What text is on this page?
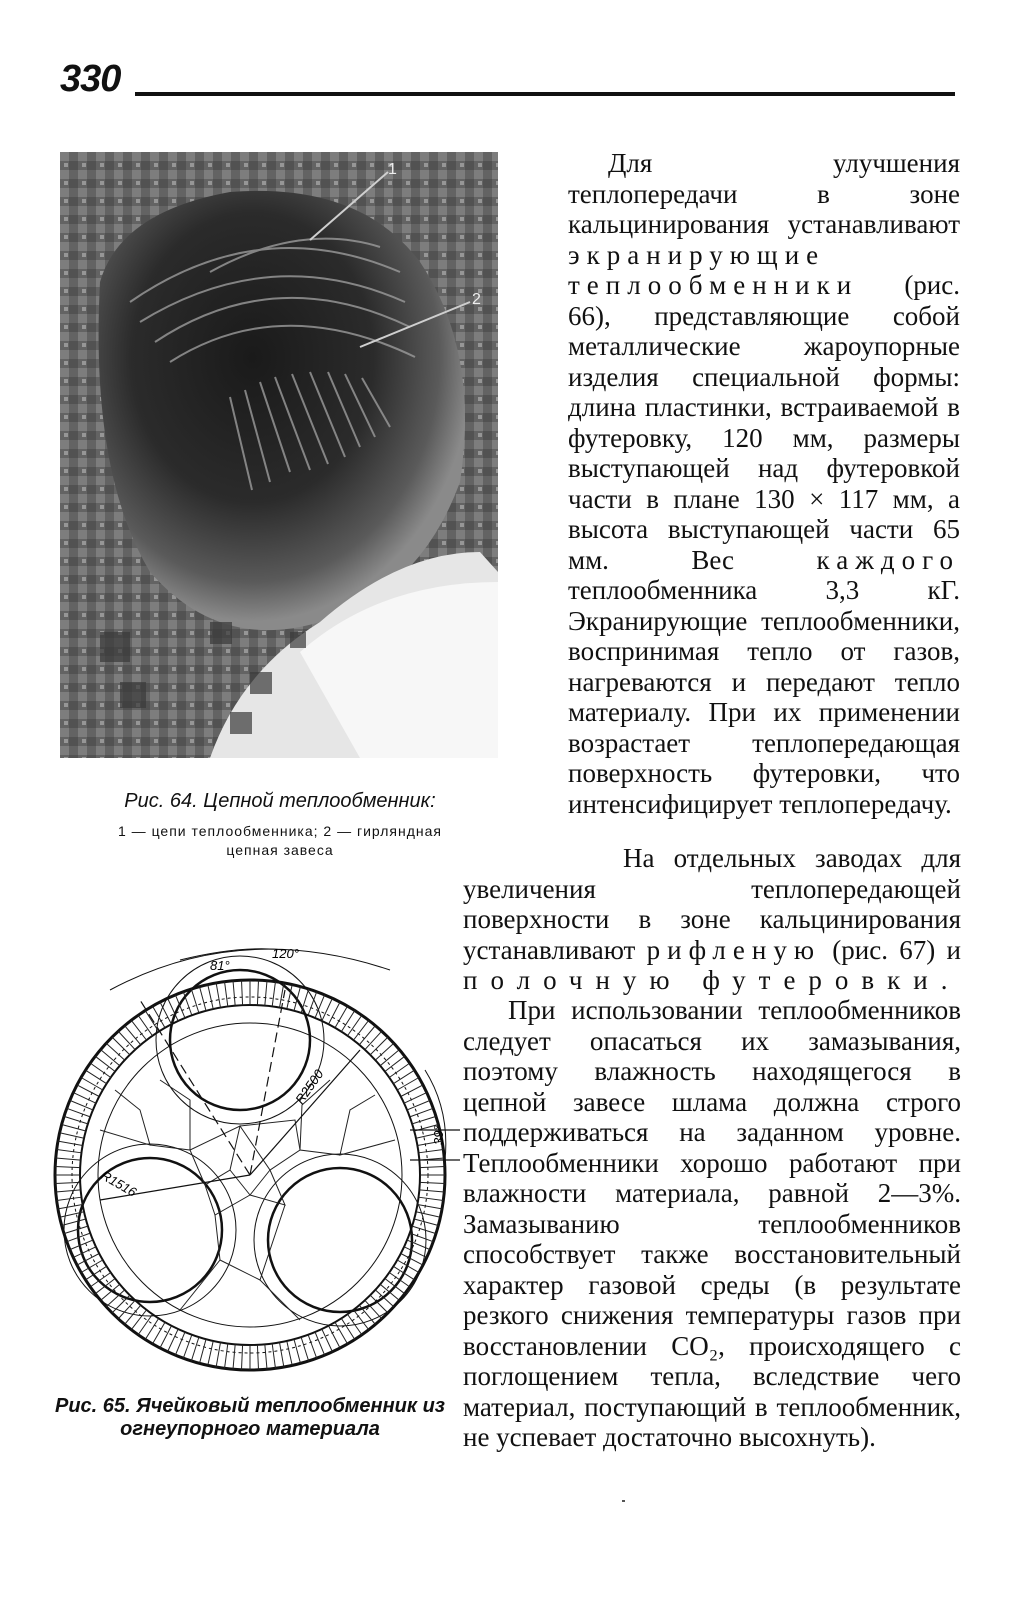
330
1
2
Рис. 64. Цепной теплообменник:
1 — цепи теплообменника; 2 — гирляндная
цепная завеса
120°
81°
39°
R2500
R1516
Рис. 65. Ячейковый теплообменник из огнеупорного материала
Для улучшения теплопередачи в зоне кальцинирования устанавливают экранирующие теплообменники (рис. 66), представляющие собой металлические жароупорные изделия специальной формы: длина пластинки, встраиваемой в футеровку, 120 мм, размеры выступающей над футеровкой части в плане 130 × 117 мм, а высота выступающей части 65 мм. Вес каждого теплообменника 3,3 кГ. Экранирующие теплообменники, воспринимая тепло от газов, нагреваются и передают тепло материалу. При их применении возрастает теплопередающая поверхность футеровки, что интенсифицирует теплопередачу.
На отдельных заводах для увеличения теплопередающей поверхности в зоне кальцинирования устанавливают рифленую (рис. 67) и полочную футеровки.
При использовании теплообменников следует опасаться их замазывания, поэтому влажность находящегося в цепной завесе шлама должна строго поддерживаться на заданном уровне. Теплообменники хорошо работают при влажности материала, равной 2—3%. Замазыванию теплообменников способствует также восстановительный характер газовой среды (в результате резкого снижения температуры газов при восстановлении CO₂, происходящего с поглощением тепла, вследствие чего материал, поступающий в теплообменник, не успевает достаточно высохнуть).
